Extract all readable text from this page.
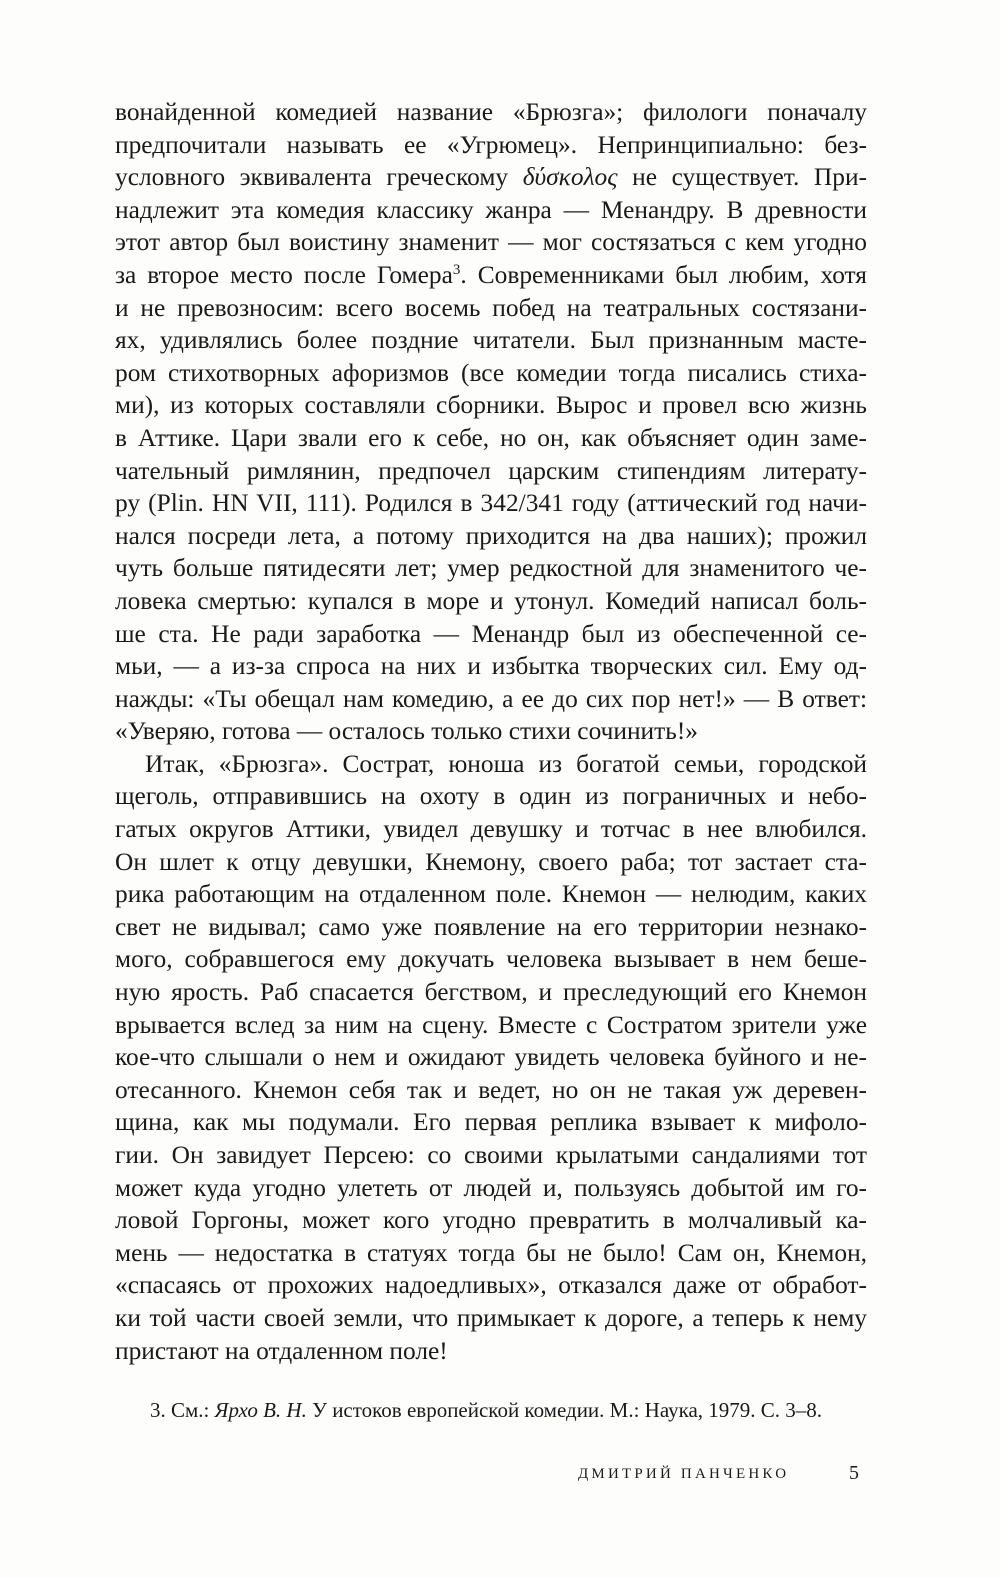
вонайденной комедией название «Брюзга»; филологи поначалу
предпочитали называть ее «Угрюмец». Непринципиально: без-
условного эквивалента греческому δύσκολος не существует. При-
надлежит эта комедия классику жанра — Менандру. В древности
этот автор был воистину знаменит — мог состязаться с кем угодно
за второе место после Гомера$^3$. Современниками был любим, хотя
и не превозносим: всего восемь побед на театральных состязани-
ях, удивлялись более поздние читатели. Был признанным масте-
ром стихотворных афоризмов (все комедии тогда писались стиха-
ми), из которых составляли сборники. Вырос и провел всю жизнь
в Аттике. Цари звали его к себе, но он, как объясняет один заме-
чательный римлянин, предпочел царским стипендиям литерату-
ру (Plin. HN VII, 111). Родился в 342/341 году (аттический год начи-
нался посреди лета, а потому приходится на два наших); прожил
чуть больше пятидесяти лет; умер редкостной для знаменитого че-
ловека смертью: купался в море и утонул. Комедий написал боль-
ше ста. Не ради заработка — Менандр был из обеспеченной се-
мьи, — а из-за спроса на них и избытка творческих сил. Ему од-
нажды: «Ты обещал нам комедию, а ее до сих пор нет!» — В ответ:
«Уверяю, готова — осталось только стихи сочинить!»
Итак, «Брюзга». Сострат, юноша из богатой семьи, городской
щеголь, отправившись на охоту в один из пограничных и небо-
гатых округов Аттики, увидел девушку и тотчас в нее влюбился.
Он шлет к отцу девушки, Кнемону, своего раба; тот застает ста-
рика работающим на отдаленном поле. Кнемон — нелюдим, каких
свет не видывал; само уже появление на его территории незнако-
мого, собравшегося ему докучать человека вызывает в нем беше-
ную ярость. Раб спасается бегством, и преследующий его Кнемон
врывается вслед за ним на сцену. Вместе с Состратом зрители уже
кое-что слышали о нем и ожидают увидеть человека буйного и не-
отесанного. Кнемон себя так и ведет, но он не такая уж деревен-
щина, как мы подумали. Его первая реплика взывает к мифоло-
гии. Он завидует Персею: со своими крылатыми сандалиями тот
может куда угодно улететь от людей и, пользуясь добытой им го-
ловой Горгоны, может кого угодно превратить в молчаливый ка-
мень — недостатка в статуях тогда бы не было! Сам он, Кнемон,
«спасаясь от прохожих надоедливых», отказался даже от обработ-
ки той части своей земли, что примыкает к дороге, а теперь к нему
пристают на отдаленном поле!
3. См.: Ярхо В. Н. У истоков европейской комедии. М.: Наука, 1979. С. 3–8.
ДМИТРИЙ ПАНЧЕНКО	5
